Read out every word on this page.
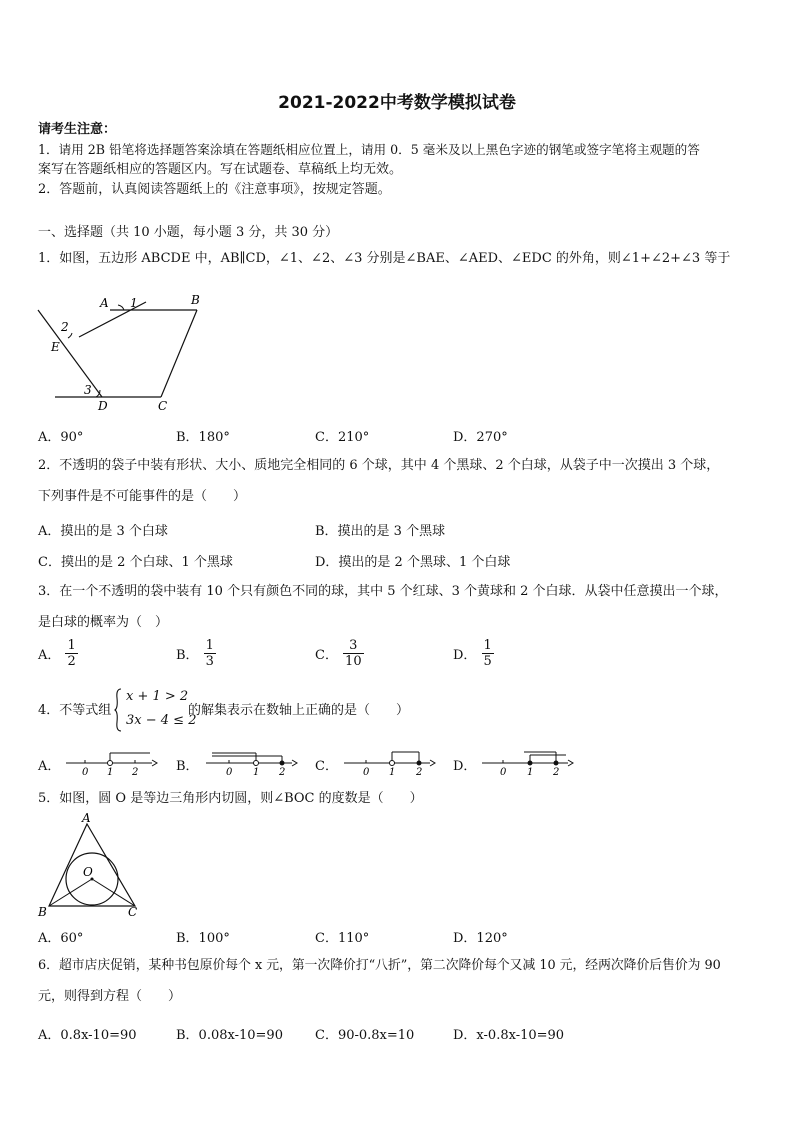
2021-2022中考数学模拟试卷
请考生注意：
1．请用 2B 铅笔将选择题答案涂填在答题纸相应位置上，请用 0．5 毫米及以上黑色字迹的钢笔或签字笔将主观题的答
案写在答题纸相应的答题区内。写在试题卷、草稿纸上均无效。
2．答题前，认真阅读答题纸上的《注意事项》，按规定答题。
一、选择题（共 10 小题，每小题 3 分，共 30 分）
1．如图，五边形 ABCDE 中，AB∥CD，∠1、∠2、∠3 分别是∠BAE、∠AED、∠EDC 的外角，则∠1+∠2+∠3 等于
A 1	B
2
E
3
D	C
A．90°	B．180°	C．210°	D．270°
2．不透明的袋子中装有形状、大小、质地完全相同的 6 个球，其中 4 个黑球、2 个白球，从袋子中一次摸出 3 个球，
下列事件是不可能事件的是（　　）
A．摸出的是 3 个白球	B．摸出的是 3 个黑球
C．摸出的是 2 个白球、1 个黑球	D．摸出的是 2 个黑球、1 个白球
3．在一个不透明的袋中装有 10 个只有颜色不同的球，其中 5 个红球、3 个黄球和 2 个白球．从袋中任意摸出一个球，
是白球的概率为（　）
A． $\frac{1}{2}$	B． $\frac{1}{3}$	C． $\frac{3}{10}$	D． $\frac{1}{5}$
4．不等式组
x + 1 > 2
3x − 4 ≤ 2
的解集表示在数轴上正确的是（　　）
A． 0 1 2	B．	0 1 2 C．	0 1 2 D． 0 1 2
5．如图，圆 O 是等边三角形内切圆，则∠BOC 的度数是（　　）
A
O
B	C
A．60°	B．100°	C．110°	D．120°
6．超市店庆促销，某种书包原价每个 x 元，第一次降价打“八折”，第二次降价每个又减 10 元，经两次降价后售价为 90
元，则得到方程（　　）
A．0.8x-10=90	B．0.08x-10=90 C．90-0.8x=10	D．x-0.8x-10=90
